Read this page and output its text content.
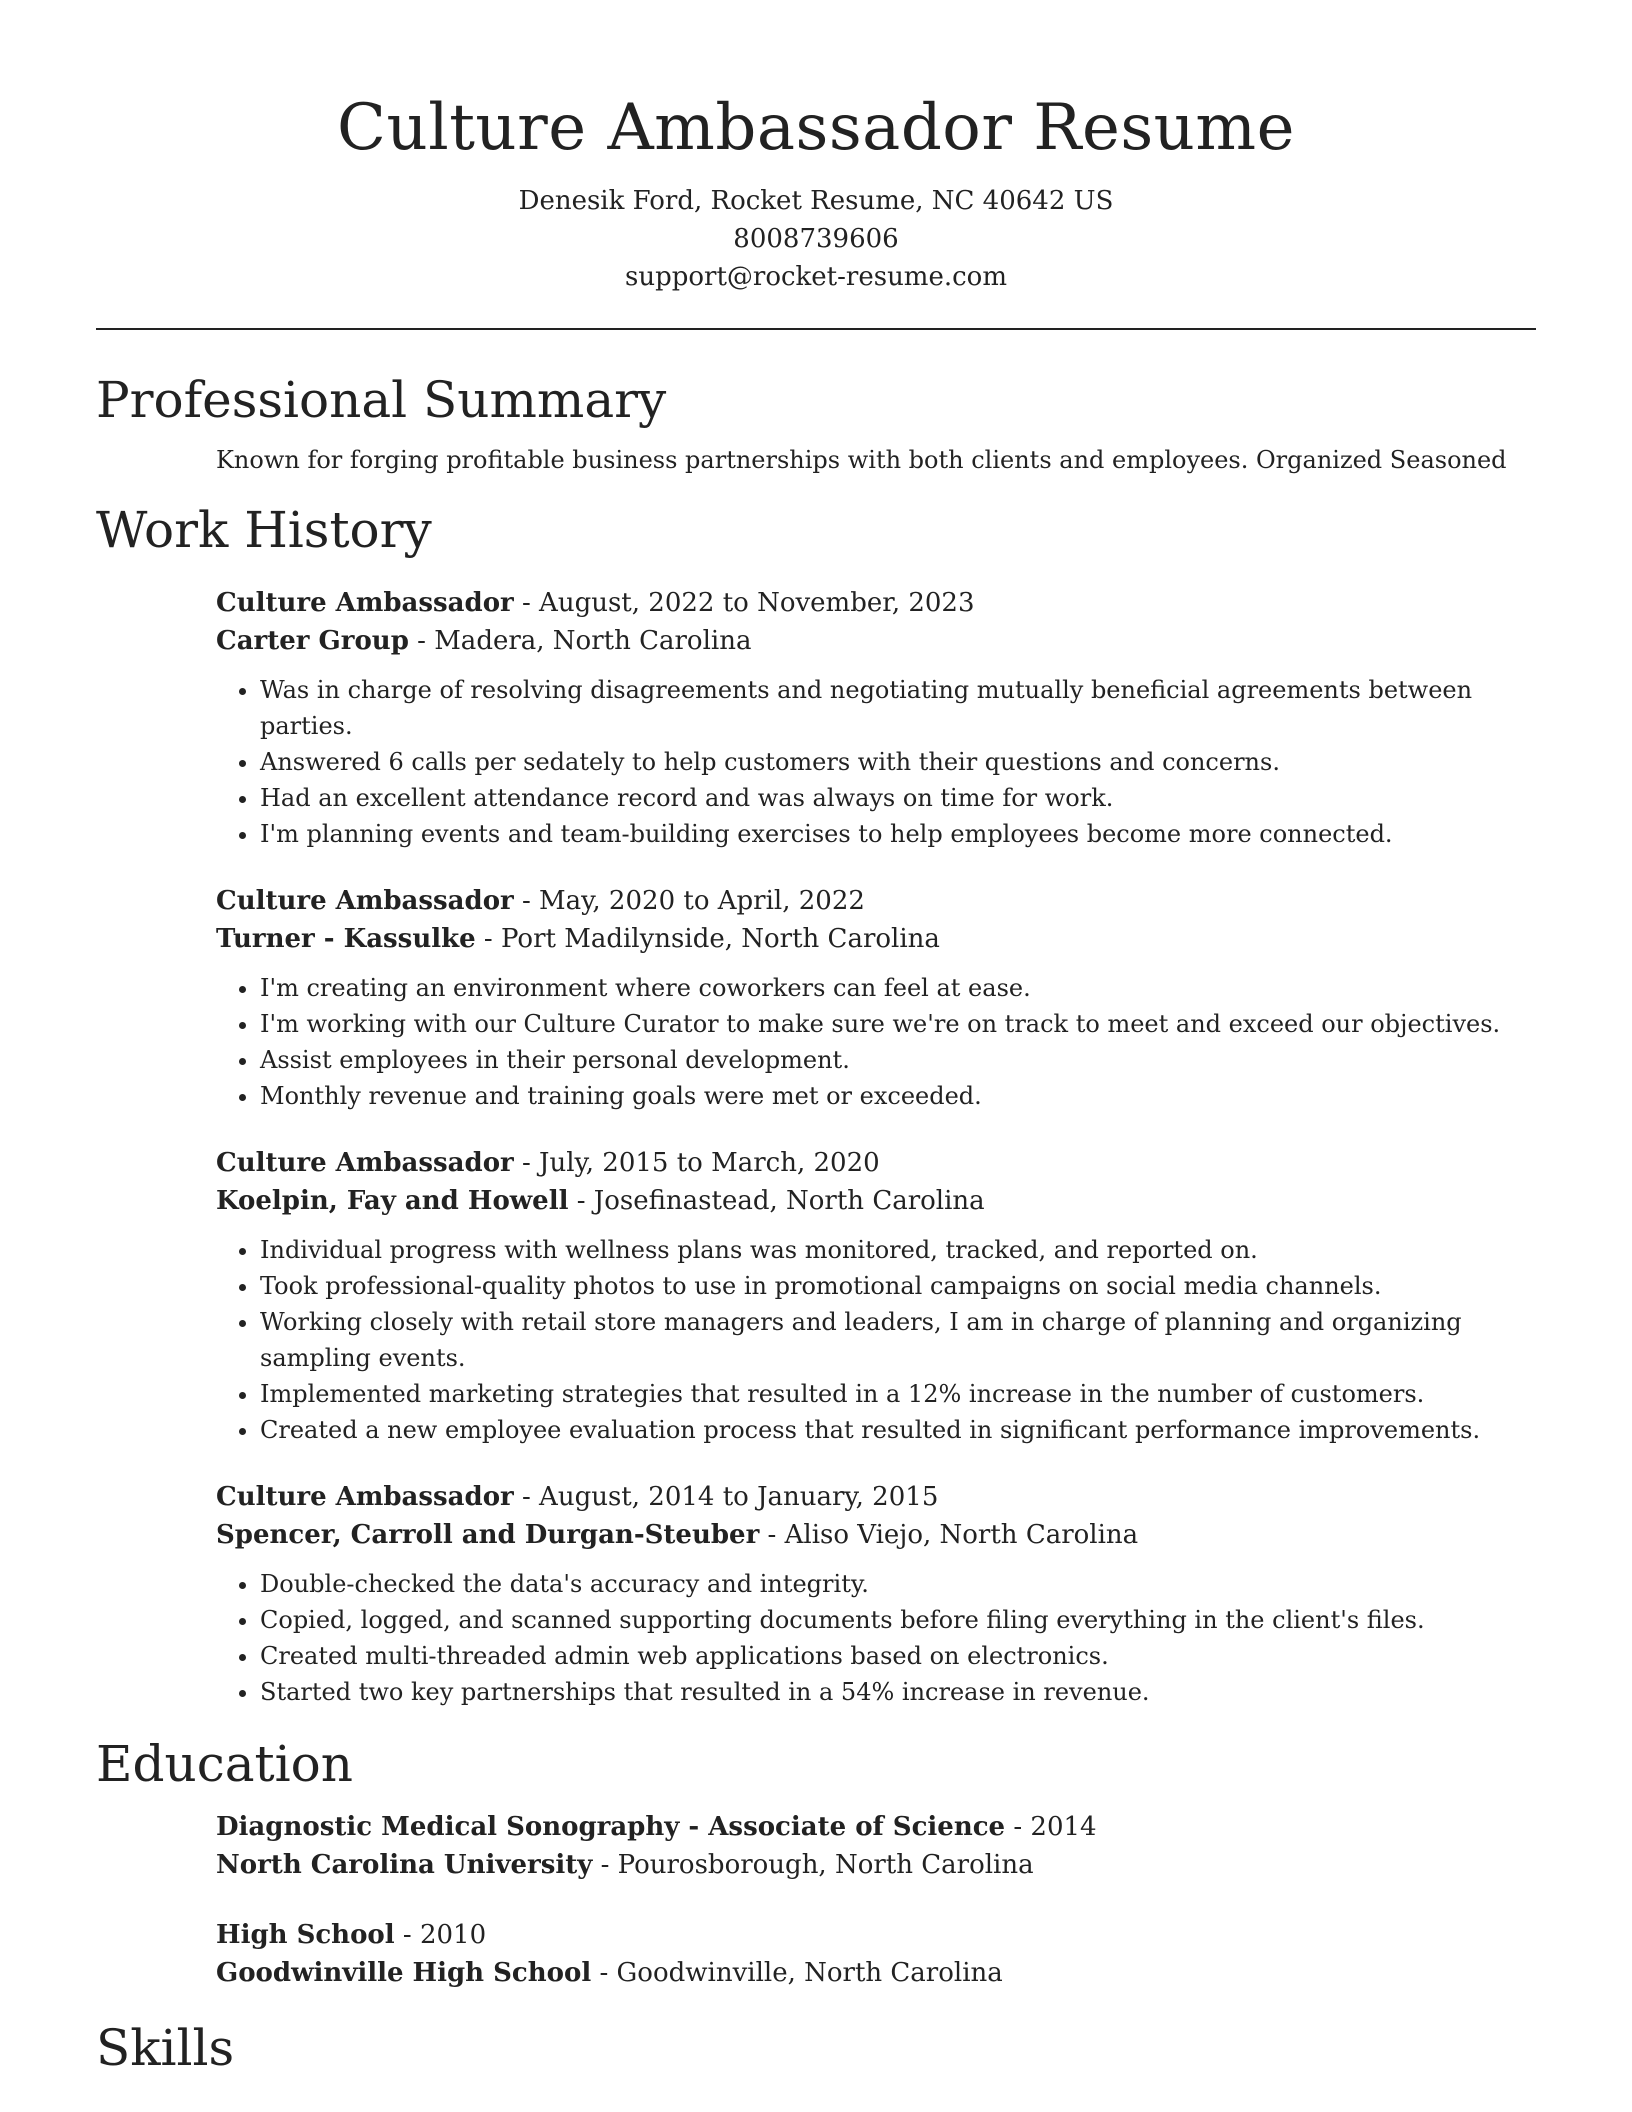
Culture Ambassador Resume
Denesik Ford, Rocket Resume, NC 40642 US
8008739606
support@rocket-resume.com
Professional Summary
Known for forging profitable business partnerships with both clients and employees. Organized Seasoned
Work History
Culture Ambassador - August, 2022 to November, 2023
Carter Group - Madera, North Carolina
• Was in charge of resolving disagreements and negotiating mutually beneficial agreements between parties.
• Answered 6 calls per sedately to help customers with their questions and concerns.
• Had an excellent attendance record and was always on time for work.
• I'm planning events and team-building exercises to help employees become more connected.
Culture Ambassador - May, 2020 to April, 2022
Turner - Kassulke - Port Madilynside, North Carolina
• I'm creating an environment where coworkers can feel at ease.
• I'm working with our Culture Curator to make sure we're on track to meet and exceed our objectives.
• Assist employees in their personal development.
• Monthly revenue and training goals were met or exceeded.
Culture Ambassador - July, 2015 to March, 2020
Koelpin, Fay and Howell - Josefinastead, North Carolina
• Individual progress with wellness plans was monitored, tracked, and reported on.
• Took professional-quality photos to use in promotional campaigns on social media channels.
• Working closely with retail store managers and leaders, I am in charge of planning and organizing sampling events.
• Implemented marketing strategies that resulted in a 12% increase in the number of customers.
• Created a new employee evaluation process that resulted in significant performance improvements.
Culture Ambassador - August, 2014 to January, 2015
Spencer, Carroll and Durgan-Steuber - Aliso Viejo, North Carolina
• Double-checked the data's accuracy and integrity.
• Copied, logged, and scanned supporting documents before filing everything in the client's files.
• Created multi-threaded admin web applications based on electronics.
• Started two key partnerships that resulted in a 54% increase in revenue.
Education
Diagnostic Medical Sonography - Associate of Science - 2014
North Carolina University - Pourosborough, North Carolina
High School - 2010
Goodwinville High School - Goodwinville, North Carolina
Skills
